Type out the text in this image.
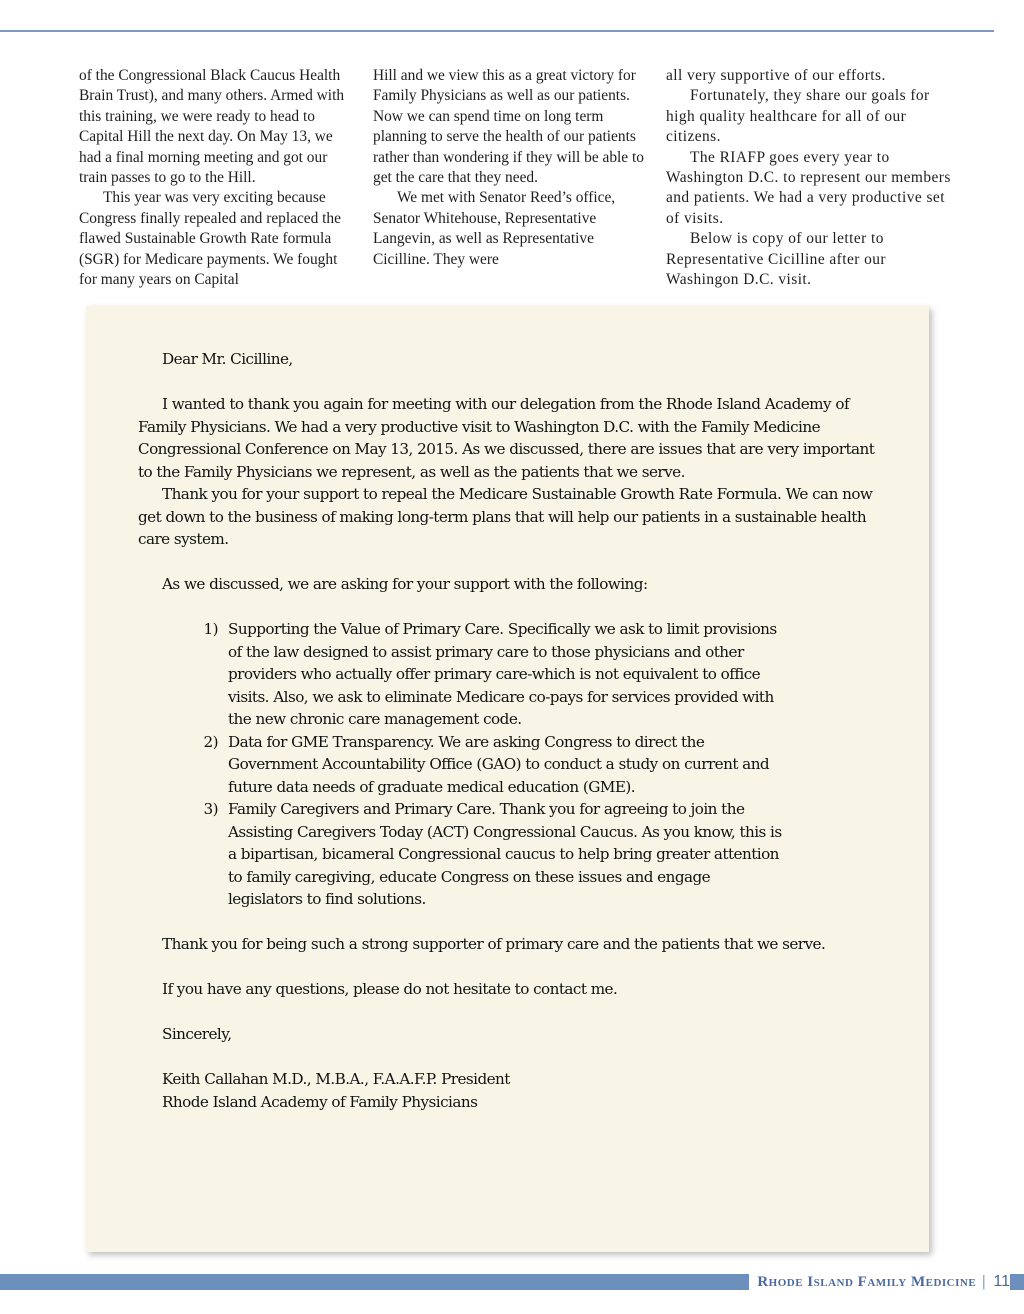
of the Congressional Black Caucus Health Brain Trust), and many others. Armed with this training, we were ready to head to Capital Hill the next day. On May 13, we had a final morning meeting and got our train passes to go to the Hill.

This year was very exciting because Congress finally repealed and replaced the flawed Sustainable Growth Rate formula (SGR) for Medicare payments. We fought for many years on Capital

Hill and we view this as a great victory for Family Physicians as well as our patients. Now we can spend time on long term planning to serve the health of our patients rather than wondering if they will be able to get the care that they need.

We met with Senator Reed’s office, Senator Whitehouse, Representative Langevin, as well as Representative Cicilline. They were

all very supportive of our efforts.

Fortunately, they share our goals for high quality healthcare for all of our citizens.

The RIAFP goes every year to Washington D.C. to represent our members and patients. We had a very productive set of visits.

Below is copy of our letter to Representative Cicilline after our Washingon D.C. visit.

Dear Mr. Cicilline,

I wanted to thank you again for meeting with our delegation from the Rhode Island Academy of Family Physicians. We had a very productive visit to Washington D.C. with the Family Medicine Congressional Conference on May 13, 2015. As we discussed, there are issues that are very important to the Family Physicians we represent, as well as the patients that we serve.

Thank you for your support to repeal the Medicare Sustainable Growth Rate Formula. We can now get down to the business of making long-term plans that will help our patients in a sustainable health care system.

As we discussed, we are asking for your support with the following:

1) Supporting the Value of Primary Care. Specifically we ask to limit provisions of the law designed to assist primary care to those physicians and other providers who actually offer primary care-which is not equivalent to office visits. Also, we ask to eliminate Medicare co-pays for services provided with the new chronic care management code.
2) Data for GME Transparency. We are asking Congress to direct the Government Accountability Office (GAO) to conduct a study on current and future data needs of graduate medical education (GME).
3) Family Caregivers and Primary Care. Thank you for agreeing to join the Assisting Caregivers Today (ACT) Congressional Caucus. As you know, this is a bipartisan, bicameral Congressional caucus to help bring greater attention to family caregiving, educate Congress on these issues and engage legislators to find solutions.

Thank you for being such a strong supporter of primary care and the patients that we serve.

If you have any questions, please do not hesitate to contact me.

Sincerely,

Keith Callahan M.D., M.B.A., F.A.A.F.P. President

Rhode Island Academy of Family Physicians

Rhode Island Family Medicine | 11
